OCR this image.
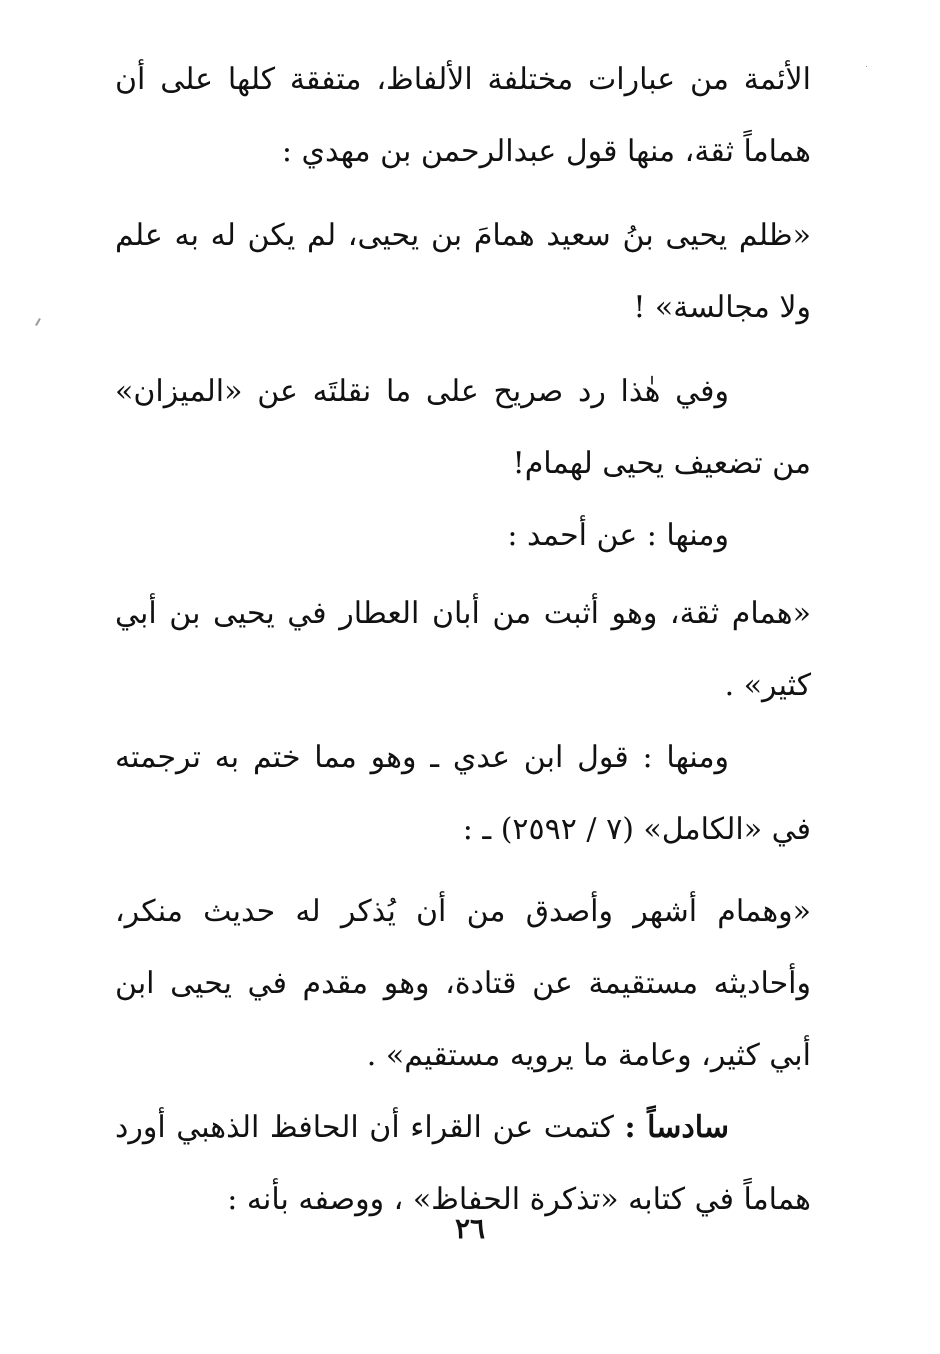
الأئمة من عبارات مختلفة الألفاظ، متفقة كلها على أن هماماً ثقة، منها قول عبدالرحمن بن مهدي :

«ظلم يحيى بنُ سعيد همامَ بن يحيى، لم يكن له به علم ولا مجالسة» !

وفي هٰذا رد صريح على ما نقلتَه عن «الميزان» من تضعيف يحيى لهمام!

ومنها : عن أحمد :

«همام ثقة، وهو أثبت من أبان العطار في يحيى بن أبي كثير» .

ومنها : قول ابن عدي ـ وهو مما ختم به ترجمته في «الكامل» (٧ / ٢٥٩٢) ـ :

«وهمام أشهر وأصدق من أن يُذكر له حديث منكر، وأحاديثه مستقيمة عن قتادة، وهو مقدم في يحيى ابن أبي كثير، وعامة ما يرويه مستقيم» .

سادساً : كتمت عن القراء أن الحافظ الذهبي أورد هماماً في كتابه «تذكرة الحفاظ» ، ووصفه بأنه :

٢٦
